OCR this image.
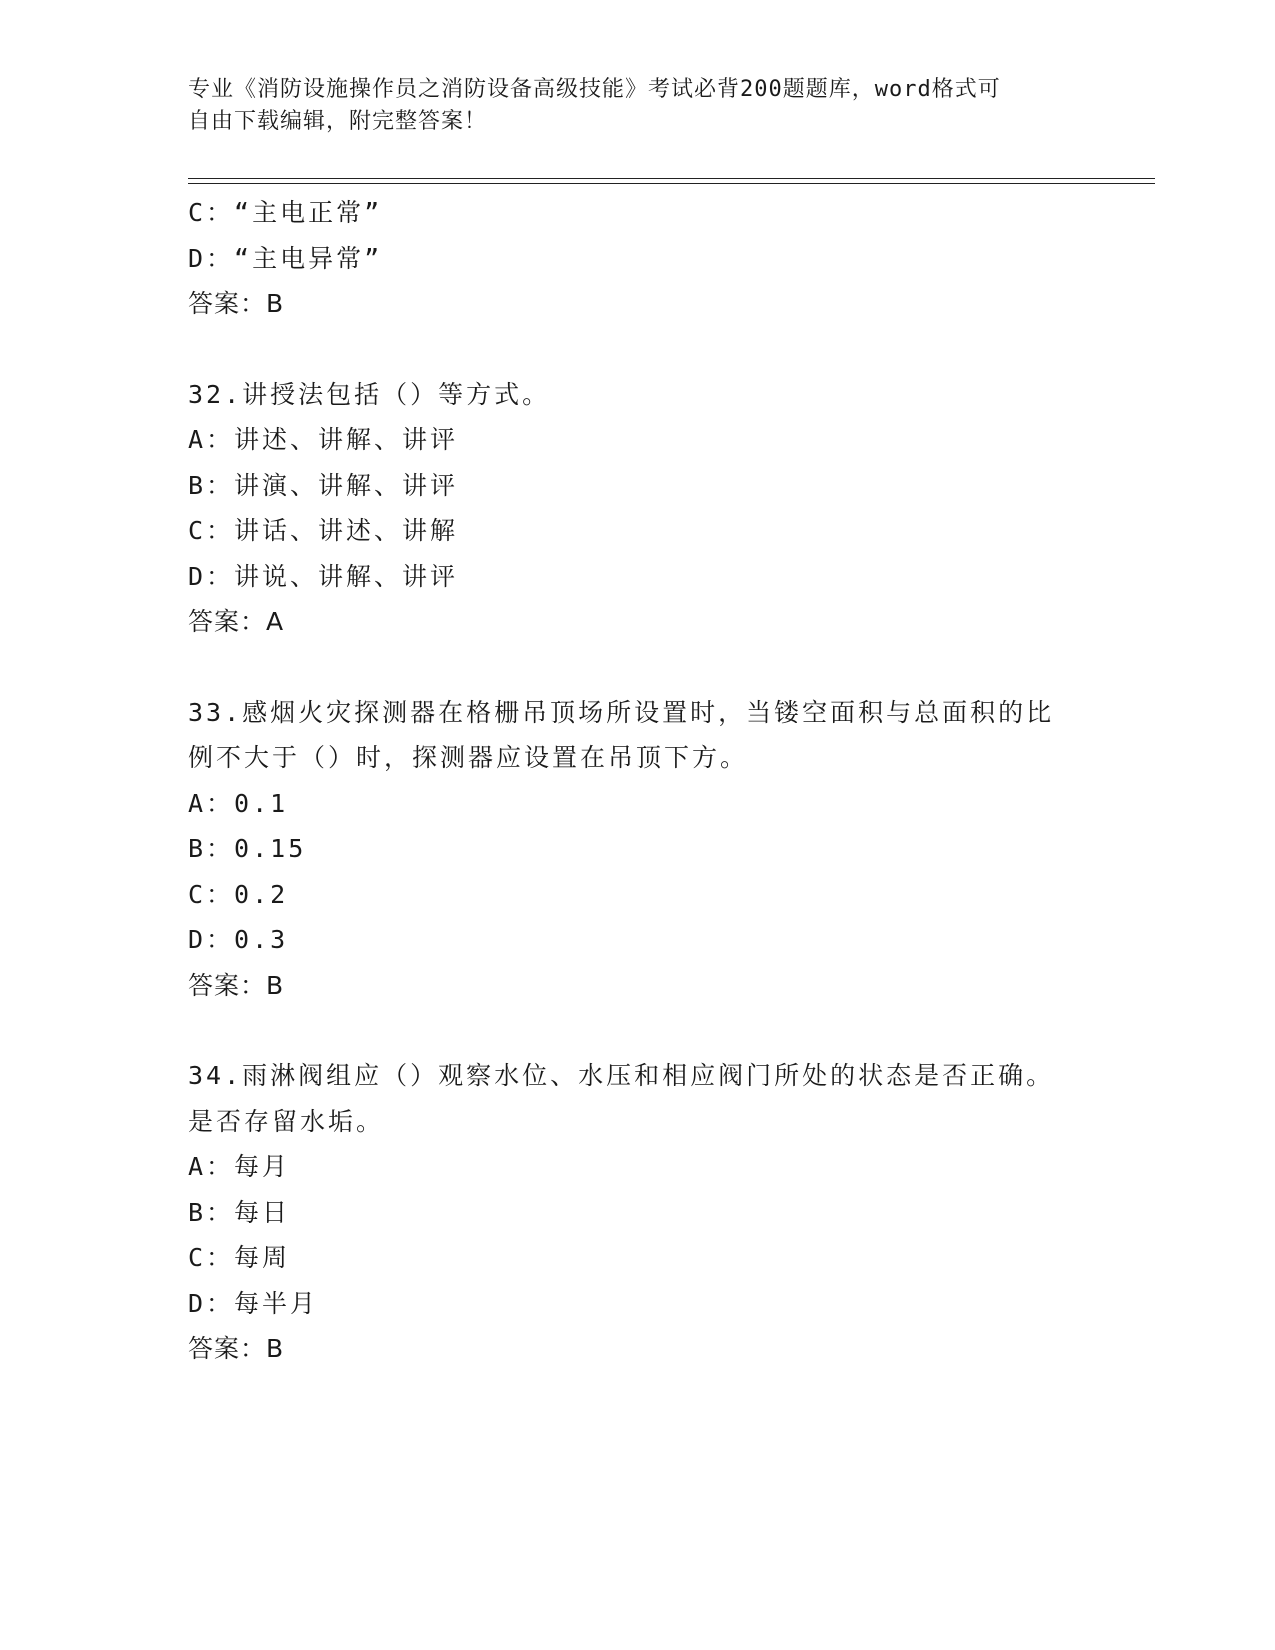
专业《消防设施操作员之消防设备高级技能》考试必背200题题库，word格式可
自由下载编辑，附完整答案！
C：“主电正常”
D：“主电异常”
答案：B
32.讲授法包括（）等方式。
A：讲述、讲解、讲评
B：讲演、讲解、讲评
C：讲话、讲述、讲解
D：讲说、讲解、讲评
答案：A
33.感烟火灾探测器在格栅吊顶场所设置时，当镂空面积与总面积的比
例不大于（）时，探测器应设置在吊顶下方。
A：0.1
B：0.15
C：0.2
D：0.3
答案：B
34.雨淋阀组应（）观察水位、水压和相应阀门所处的状态是否正确。
是否存留水垢。
A：每月
B：每日
C：每周
D：每半月
答案：B
